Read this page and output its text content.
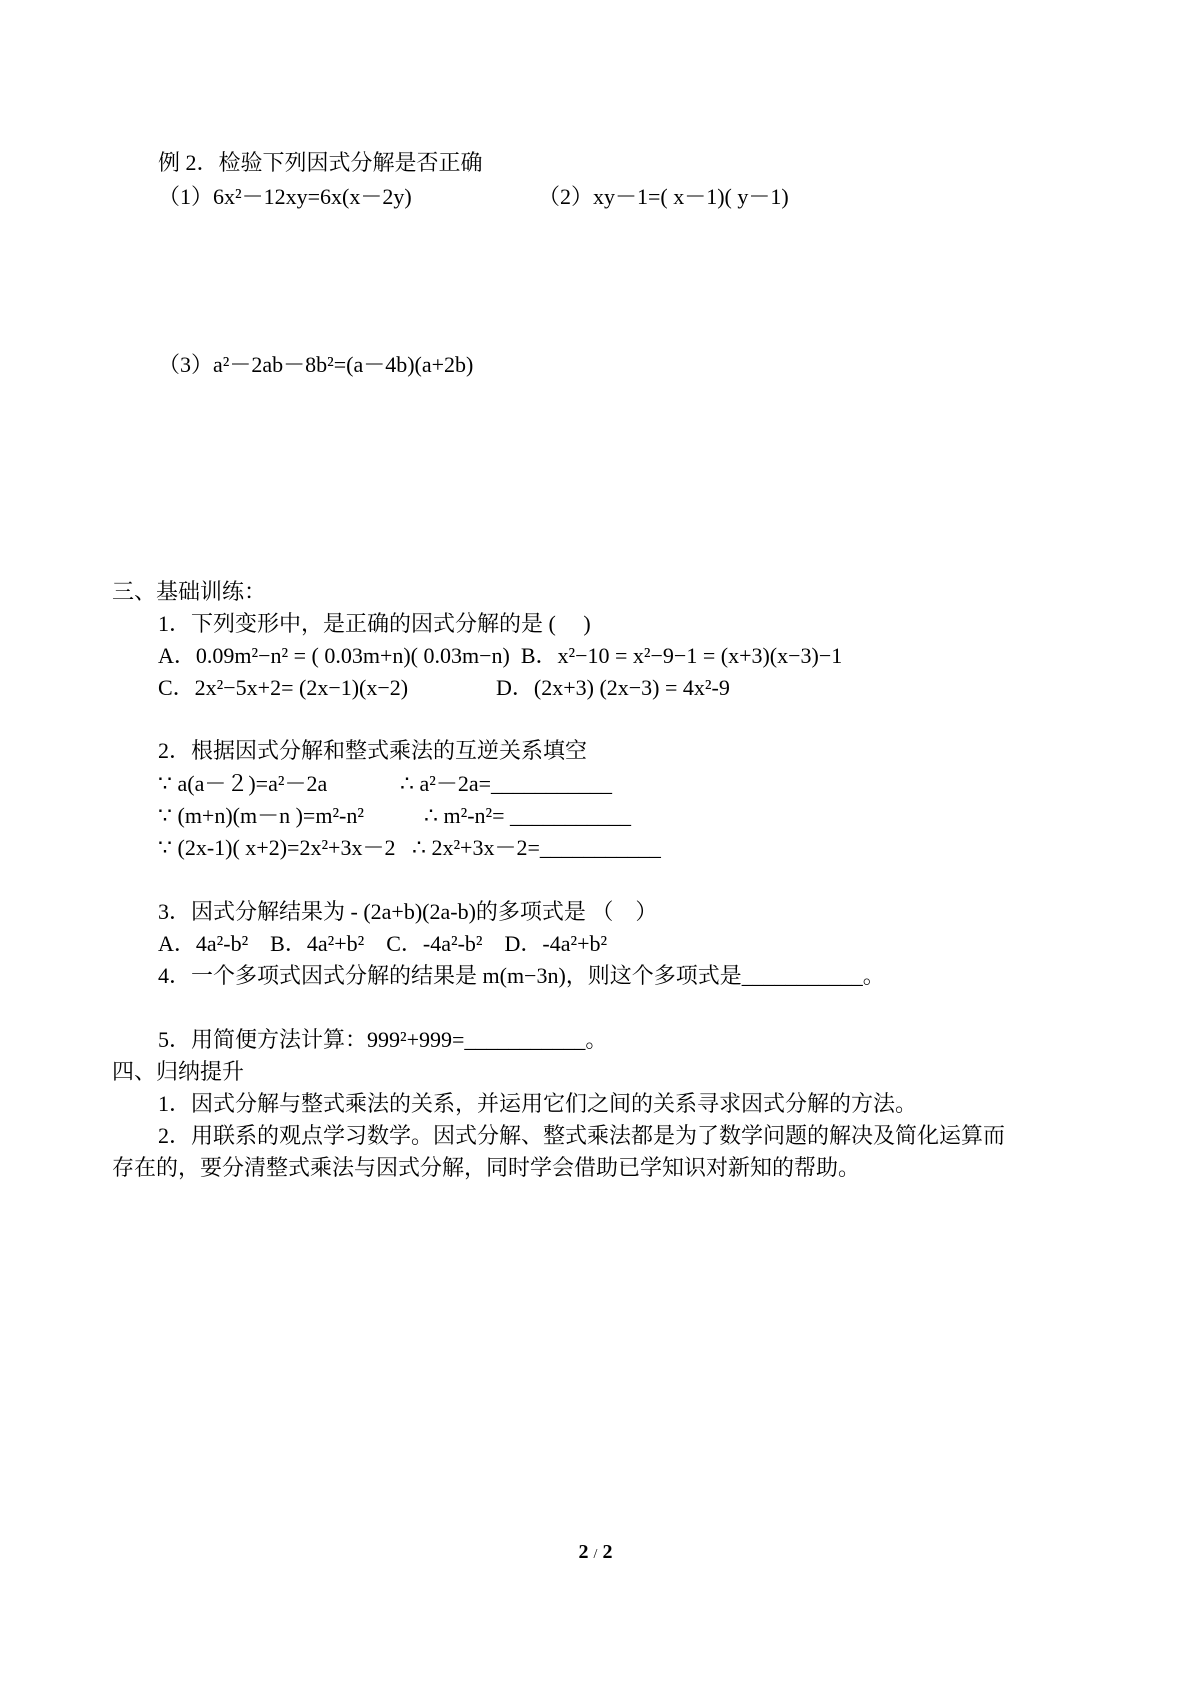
例 2．检验下列因式分解是否正确
（1）6x²－12xy=6x(x－2y)	（2）xy－1=( x－1)( y－1)
（3）a²－2ab－8b²=(a－4b)(a+2b)
三、基础训练：
1．下列变形中，是正确的因式分解的是 (　 )
A．0.09m²−n² = ( 0.03m+n)( 0.03m−n)  B．x²−10 = x²−9−1 = (x+3)(x−3)−1
C．2x²−5x+2= (2x−1)(x−2)	D．(2x+3) (2x−3) = 4x²-9
2．根据因式分解和整式乘法的互逆关系填空
∵ a(a－２)=a²－2a	∴ a²－2a=___________
∵ (m+n)(m－n )=m²-n²	∴ m²-n²= ___________
∵ (2x-1)( x+2)=2x²+3x－2   ∴ 2x²+3x－2=___________
3．因式分解结果为 - (2a+b)(2a-b)的多项式是 （　）
A．4a²-b²    B．4a²+b²    C．-4a²-b²    D．-4a²+b²
4．一个多项式因式分解的结果是 m(m−3n)，则这个多项式是___________。
5．用简便方法计算：999²+999=___________。
四、归纳提升
1．因式分解与整式乘法的关系，并运用它们之间的关系寻求因式分解的方法。
2．用联系的观点学习数学。因式分解、整式乘法都是为了数学问题的解决及简化运算而
存在的，要分清整式乘法与因式分解，同时学会借助已学知识对新知的帮助。
2 / 2
